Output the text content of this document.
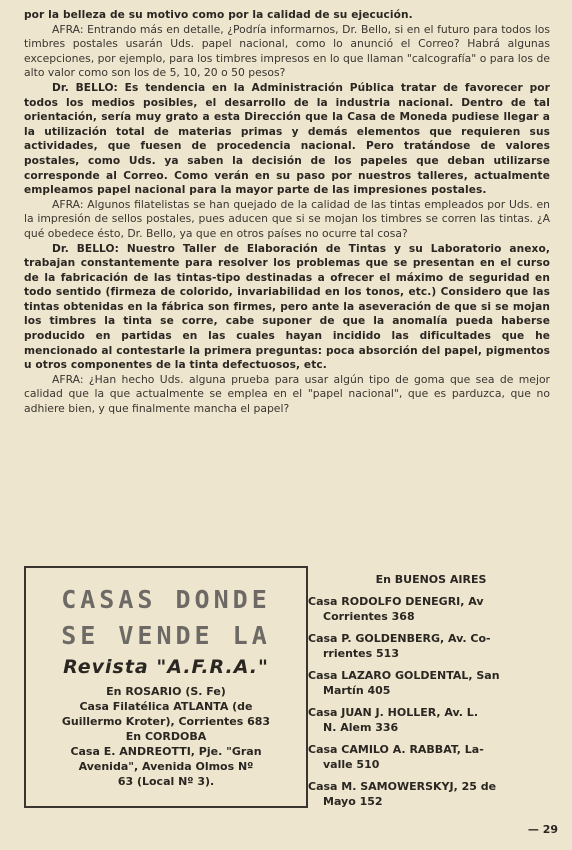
por la belleza de su motivo como por la calidad de su ejecución.

AFRA: Entrando más en detalle, ¿Podría informarnos, Dr. Bello, si en el futuro para todos los timbres postales usarán Uds. papel nacional, como lo anunció el Correo? Habrá algunas excepciones, por ejemplo, para los timbres impresos en lo que llaman "calcografía" o para los de alto valor como son los de 5, 10, 20 o 50 pesos?

Dr. BELLO: Es tendencia en la Administración Pública tratar de favorecer por todos los medios posibles, el desarrollo de la industria nacional. Dentro de tal orientación, sería muy grato a esta Dirección que la Casa de Moneda pudiese llegar a la utilización total de materias primas y demás elementos que requieren sus actividades, que fuesen de procedencia nacional. Pero tratándose de valores postales, como Uds. ya saben la decisión de los papeles que deban utilizarse corresponde al Correo. Como verán en su paso por nuestros talleres, actualmente empleamos papel nacional para la mayor parte de las impresiones postales.

AFRA: Algunos filatelistas se han quejado de la calidad de las tintas empleados por Uds. en la impresión de sellos postales, pues aducen que si se mojan los timbres se corren las tintas. ¿A qué obedece ésto, Dr. Bello, ya que en otros países no ocurre tal cosa?

Dr. BELLO: Nuestro Taller de Elaboración de Tintas y su Laboratorio anexo, trabajan constantemente para resolver los problemas que se presentan en el curso de la fabricación de las tintas-tipo destinadas a ofrecer el máximo de seguridad en todo sentido (firmeza de colorido, invariabilidad en los tonos, etc.) Considero que las tintas obtenidas en la fábrica son firmes, pero ante la aseveración de que si se mojan los timbres la tinta se corre, cabe suponer de que la anomalía pueda haberse producido en partidas en las cuales hayan incidido las dificultades que he mencionado al contestarle la primera preguntas: poca absorción del papel, pigmentos u otros componentes de la tinta defectuosos, etc.

AFRA: ¿Han hecho Uds. alguna prueba para usar algún tipo de goma que sea de mejor calidad que la que actualmente se emplea en el "papel nacional", que es parduzca, que no adhiere bien, y que finalmente mancha el papel?

CASAS DONDE
SE VENDE LA
Revista "A.F.R.A."
En ROSARIO (S. Fe)
Casa Filatélica ATLANTA (de
Guillermo Kroter), Corrientes 683
En CORDOBA
Casa E. ANDREOTTI, Pje. "Gran
Avenida", Avenida Olmos Nº
63 (Local Nº 3).
En BUENOS AIRES
Casa RODOLFO DENEGRI, Av
Corrientes 368
Casa P. GOLDENBERG, Av. Co-
rrientes 513
Casa LAZARO GOLDENTAL, San
Martín 405
Casa JUAN J. HOLLER, Av. L.
N. Alem 336
Casa CAMILO A. RABBAT, La-
valle 510
Casa M. SAMOWERSKYJ, 25 de
Mayo 152
— 29
